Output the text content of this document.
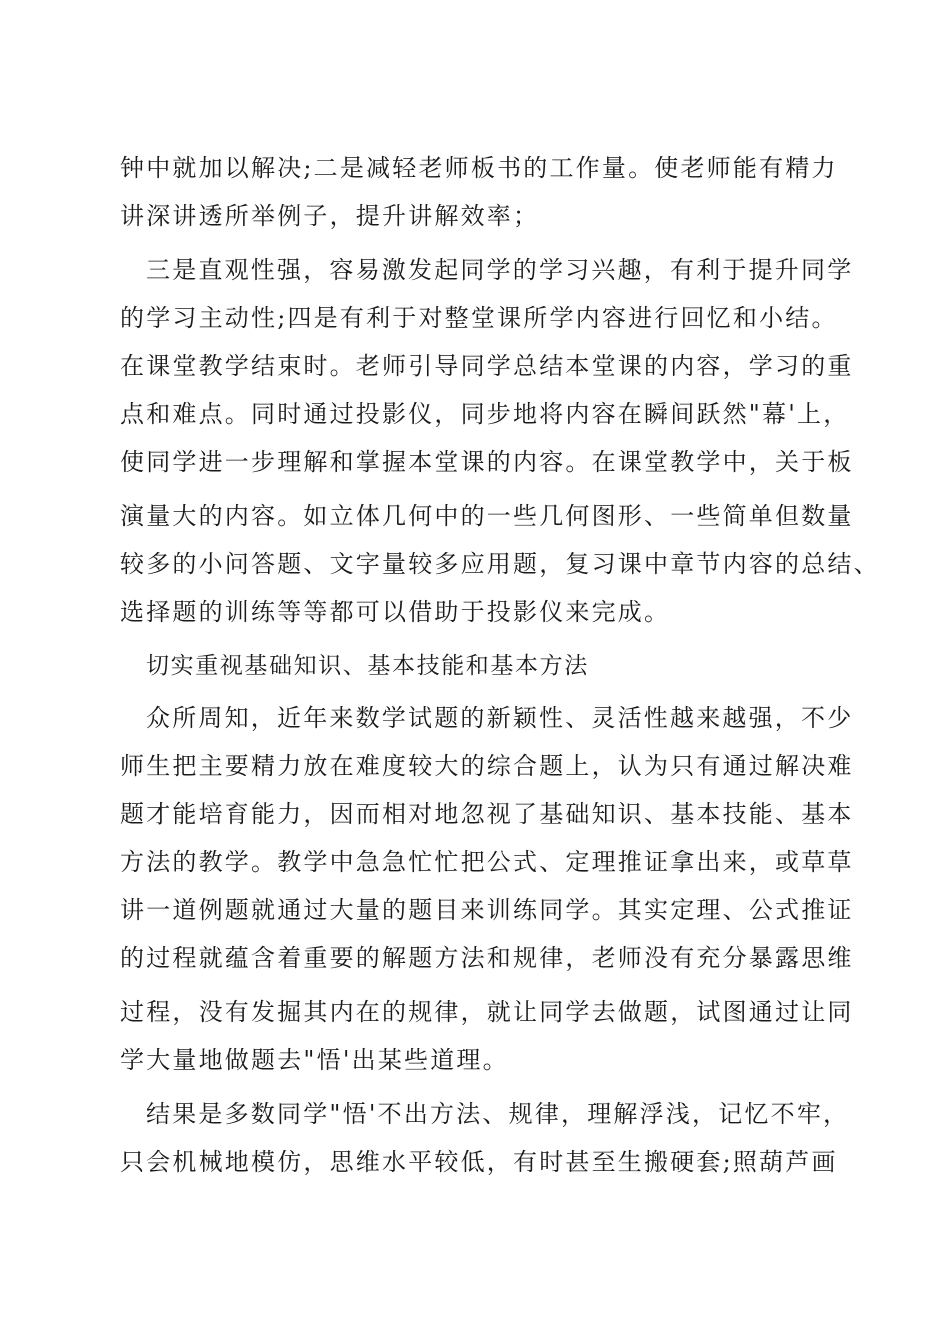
钟中就加以解决;二是减轻老师板书的工作量。使老师能有精力
讲深讲透所举例子，提升讲解效率；
三是直观性强，容易激发起同学的学习兴趣，有利于提升同学
的学习主动性;四是有利于对整堂课所学内容进行回忆和小结。
在课堂教学结束时。老师引导同学总结本堂课的内容，学习的重
点和难点。同时通过投影仪，同步地将内容在瞬间跃然"幕'上，
使同学进一步理解和掌握本堂课的内容。在课堂教学中，关于板
演量大的内容。如立体几何中的一些几何图形、一些简单但数量
较多的小问答题、文字量较多应用题，复习课中章节内容的总结、
选择题的训练等等都可以借助于投影仪来完成。
切实重视基础知识、基本技能和基本方法
众所周知，近年来数学试题的新颖性、灵活性越来越强，不少
师生把主要精力放在难度较大的综合题上，认为只有通过解决难
题才能培育能力，因而相对地忽视了基础知识、基本技能、基本
方法的教学。教学中急急忙忙把公式、定理推证拿出来，或草草
讲一道例题就通过大量的题目来训练同学。其实定理、公式推证
的过程就蕴含着重要的解题方法和规律，老师没有充分暴露思维
过程，没有发掘其内在的规律，就让同学去做题，试图通过让同
学大量地做题去"悟'出某些道理。
结果是多数同学"悟'不出方法、规律，理解浮浅，记忆不牢，
只会机械地模仿，思维水平较低，有时甚至生搬硬套;照葫芦画
